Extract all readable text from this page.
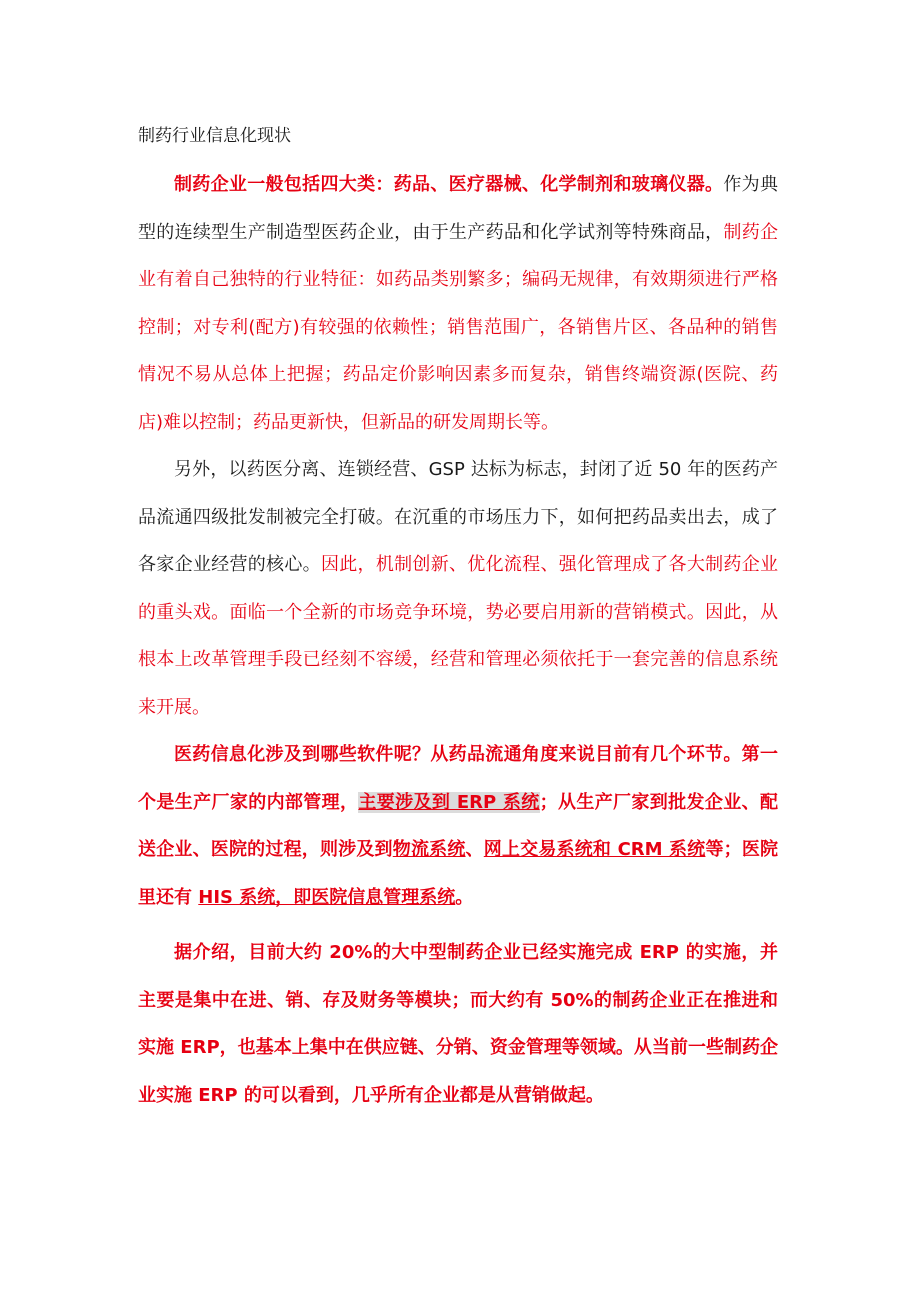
制药行业信息化现状

制药企业一般包括四大类：药品、医疗器械、化学制剂和玻璃仪器。作为典型的连续型生产制造型医药企业，由于生产药品和化学试剂等特殊商品，制药企业有着自己独特的行业特征：如药品类别繁多；编码无规律，有效期须进行严格控制；对专利(配方)有较强的依赖性；销售范围广，各销售片区、各品种的销售情况不易从总体上把握；药品定价影响因素多而复杂，销售终端资源(医院、药店)难以控制；药品更新快，但新品的研发周期长等。

另外，以药医分离、连锁经营、GSP 达标为标志，封闭了近 50 年的医药产品流通四级批发制被完全打破。在沉重的市场压力下，如何把药品卖出去，成了各家企业经营的核心。因此，机制创新、优化流程、强化管理成了各大制药企业的重头戏。面临一个全新的市场竞争环境，势必要启用新的营销模式。因此，从根本上改革管理手段已经刻不容缓，经营和管理必须依托于一套完善的信息系统来开展。

医药信息化涉及到哪些软件呢？从药品流通角度来说目前有几个环节。第一个是生产厂家的内部管理，主要涉及到 ERP 系统；从生产厂家到批发企业、配送企业、医院的过程，则涉及到物流系统、网上交易系统和 CRM 系统等；医院里还有 HIS 系统，即医院信息管理系统。

据介绍，目前大约 20%的大中型制药企业已经实施完成 ERP 的实施，并主要是集中在进、销、存及财务等模块；而大约有 50%的制药企业正在推进和实施 ERP，也基本上集中在供应链、分销、资金管理等领域。从当前一些制药企业实施 ERP 的可以看到，几乎所有企业都是从营销做起。
